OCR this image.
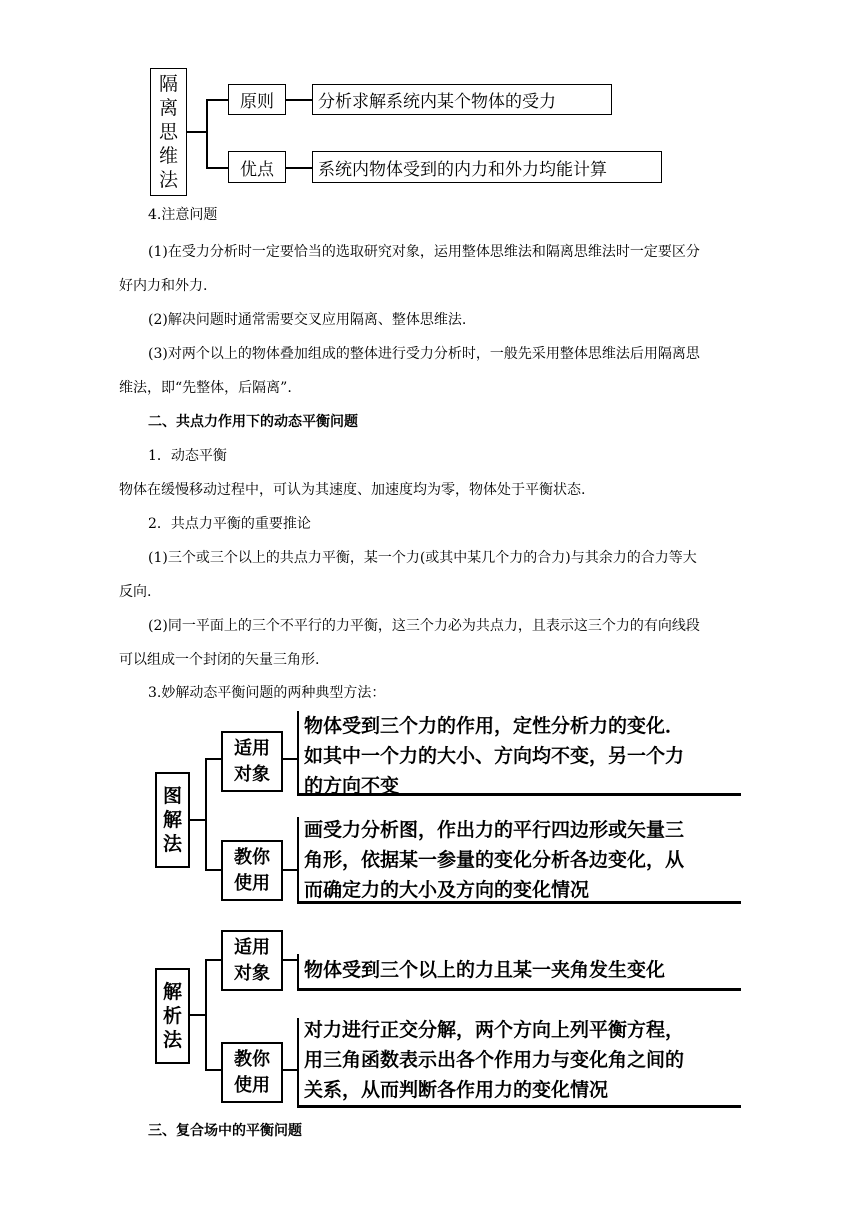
隔
离
思
维
法
原则	分析求解系统内某个物体的受力
优点	系统内物体受到的内力和外力均能计算
4.注意问题
(1)在受力分析时一定要恰当的选取研究对象，运用整体思维法和隔离思维法时一定要区分
好内力和外力.
(2)解决问题时通常需要交叉应用隔离、整体思维法.
(3)对两个以上的物体叠加组成的整体进行受力分析时，一般先采用整体思维法后用隔离思
维法，即“先整体，后隔离”.
二、共点力作用下的动态平衡问题
1．动态平衡
物体在缓慢移动过程中，可认为其速度、加速度均为零，物体处于平衡状态.
2．共点力平衡的重要推论
(1)三个或三个以上的共点力平衡，某一个力(或其中某几个力的合力)与其余力的合力等大
反向.
(2)同一平面上的三个不平行的力平衡，这三个力必为共点力，且表示这三个力的有向线段
可以组成一个封闭的矢量三角形.
3.妙解动态平衡问题的两种典型方法：
图
解
法
适用
对象
物体受到三个力的作用，定性分析力的变化．
如其中一个力的大小、方向均不变，另一个力
的方向不变
教你
使用
画受力分析图，作出力的平行四边形或矢量三
角形，依据某一参量的变化分析各边变化，从
而确定力的大小及方向的变化情况
解
析
法
适用
对象 物体受到三个以上的力且某一夹角发生变化
教你
使用
对力进行正交分解，两个方向上列平衡方程，
用三角函数表示出各个作用力与变化角之间的
关系，从而判断各作用力的变化情况
三、复合场中的平衡问题
